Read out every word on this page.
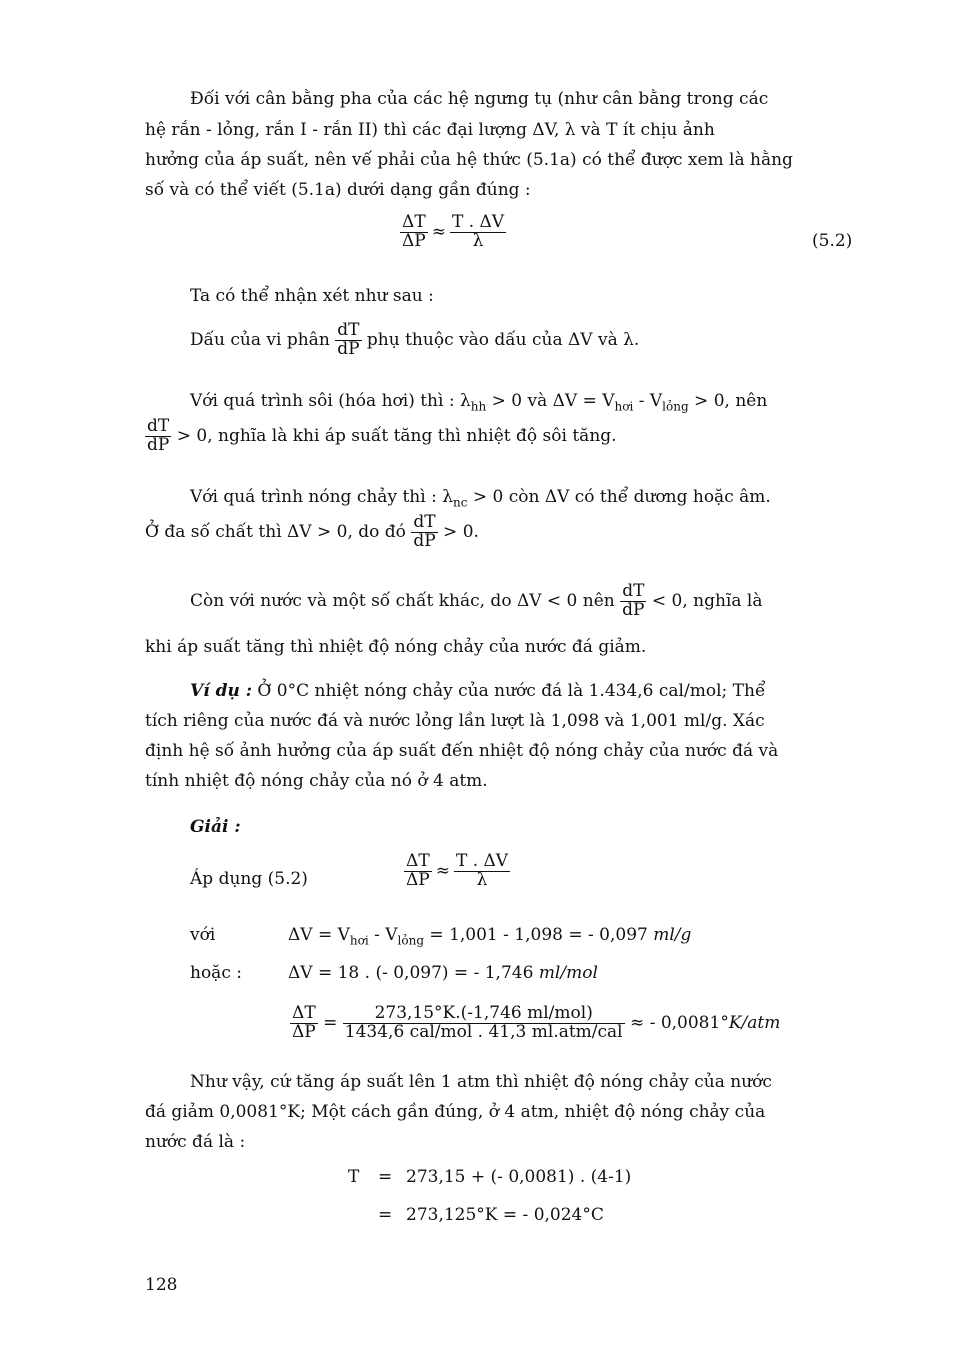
Đối với cân bằng pha của các hệ ngưng tụ (như cân bằng trong các
hệ rắn - lỏng, rắn I - rắn II) thì các đại lượng ΔV, λ và T ít chịu ảnh
hưởng của áp suất, nên vế phải của hệ thức (5.1a) có thể được xem là hằng
số và có thể viết (5.1a) dưới dạng gần đúng :
$\frac{\Delta T}{\Delta P} \approx \frac{T . \Delta V}{\lambda}$	(5.2)
Ta có thể nhận xét như sau :
Dấu của vi phân $\frac{dT}{dP}$ phụ thuộc vào dấu của ΔV và λ.
Với quá trình sôi (hóa hơi) thì : $\lambda_{hh} > 0$ và $\Delta V = V_{hơi} - V_{lỏng} > 0$, nên
$\frac{dT}{dP} > 0$, nghĩa là khi áp suất tăng thì nhiệt độ sôi tăng.
Với quá trình nóng chảy thì : $\lambda_{nc} > 0$ còn ΔV có thể dương hoặc âm.
Ở đa số chất thì ΔV > 0, do đó $\frac{dT}{dP} > 0$.
Còn với nước và một số chất khác, do ΔV < 0 nên $\frac{dT}{dP} < 0$, nghĩa là
khi áp suất tăng thì nhiệt độ nóng chảy của nước đá giảm.
Ví dụ : Ở 0°C nhiệt nóng chảy của nước đá là 1.434,6 cal/mol; Thể
tích riêng của nước đá và nước lỏng lần lượt là 1,098 và 1,001 ml/g. Xác
định hệ số ảnh hưởng của áp suất đến nhiệt độ nóng chảy của nước đá và
tính nhiệt độ nóng chảy của nó ở 4 atm.
Giải :
Áp dụng (5.2)	$\frac{\Delta T}{\Delta P} \approx \frac{T . \Delta V}{\lambda}$
với	$\Delta V = V_{hơi} - V_{lỏng} = 1,001 - 1,098$ = - 0,097 ml/g
hoặc :	ΔV = 18 . (- 0,097) = - 1,746 ml/mol
$\frac{\Delta T}{\Delta P} = \frac{\text{273,15°K.(-1,746 ml/mol)}}{\text{1434,6 cal/mol . 41,3 ml.atm/cal}}$ ≈ - 0,0081°K/atm
Như vậy, cứ tăng áp suất lên 1 atm thì nhiệt độ nóng chảy của nước
đá giảm 0,0081°K; Một cách gần đúng, ở 4 atm, nhiệt độ nóng chảy của
nước đá là :
T = 273,15 + (- 0,0081) . (4-1)
= 273,125°K = - 0,024°C
128
